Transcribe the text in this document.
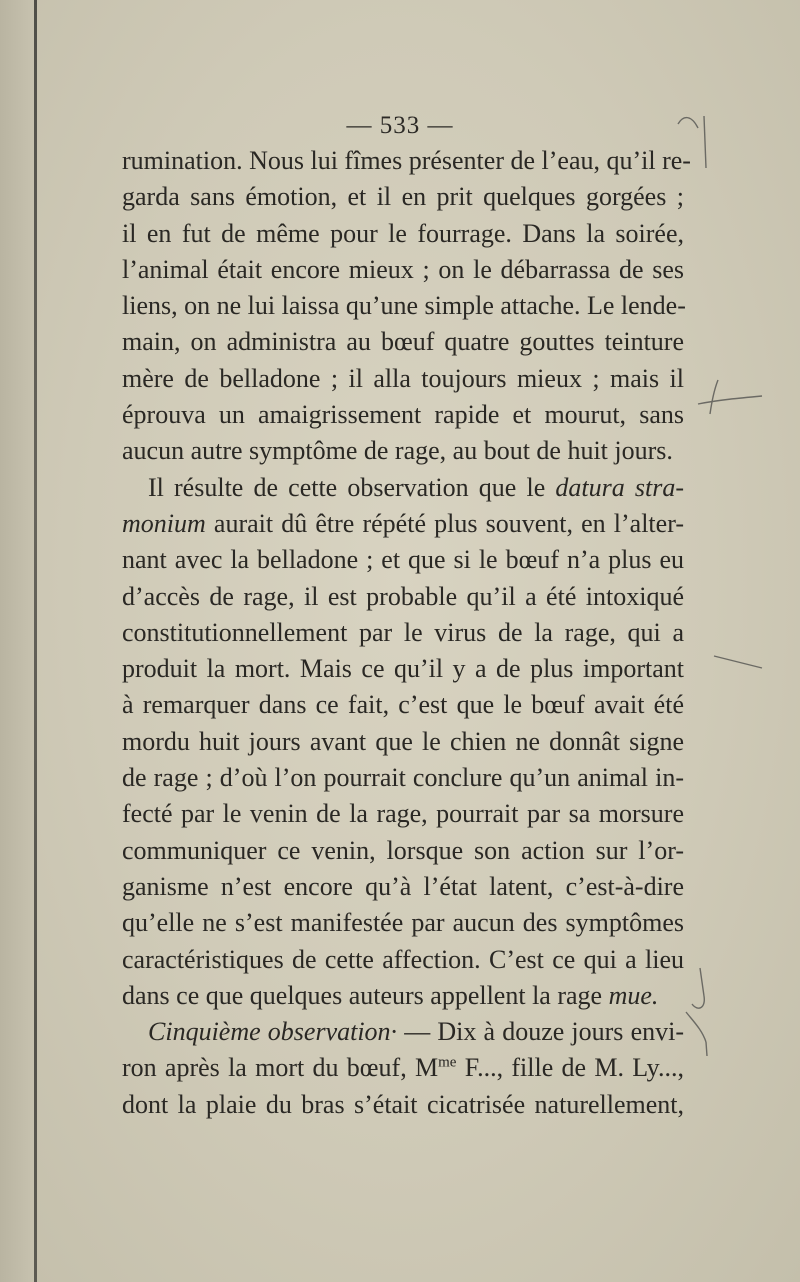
— 533 —
rumination. Nous lui fîmes présenter de l’eau, qu’il re-
garda sans émotion, et il en prit quelques gorgées ;
il en fut de même pour le fourrage. Dans la soirée,
l’animal était encore mieux ; on le débarrassa de ses
liens, on ne lui laissa qu’une simple attache. Le lende-
main, on administra au bœuf quatre gouttes teinture
mère de belladone ; il alla toujours mieux ; mais il
éprouva un amaigrissement rapide et mourut, sans
aucun autre symptôme de rage, au bout de huit jours.
Il résulte de cette observation que le datura stra-
monium aurait dû être répété plus souvent, en l’alter-
nant avec la belladone ; et que si le bœuf n’a plus eu
d’accès de rage, il est probable qu’il a été intoxiqué
constitutionnellement par le virus de la rage, qui a
produit la mort. Mais ce qu’il y a de plus important
à remarquer dans ce fait, c’est que le bœuf avait été
mordu huit jours avant que le chien ne donnât signe
de rage ; d’où l’on pourrait conclure qu’un animal in-
fecté par le venin de la rage, pourrait par sa morsure
communiquer ce venin, lorsque son action sur l’or-
ganisme n’est encore qu’à l’état latent, c’est-à-dire
qu’elle ne s’est manifestée par aucun des symptômes
caractéristiques de cette affection. C’est ce qui a lieu
dans ce que quelques auteurs appellent la rage mue.
Cinquième observation· — Dix à douze jours envi-
ron après la mort du bœuf, $M^{me}$ F..., fille de M. Ly...,
dont la plaie du bras s’était cicatrisée naturellement,
